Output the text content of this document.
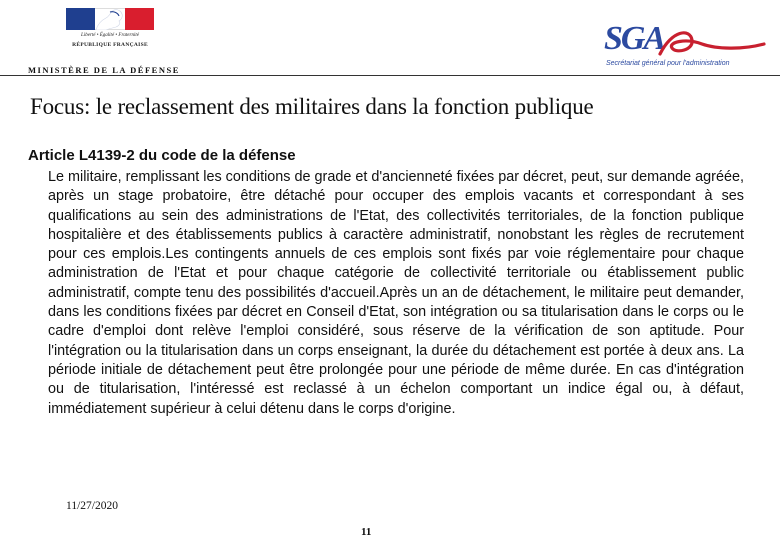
Liberté • Égalité • Fraternité
RÉPUBLIQUE FRANÇAISE
MINISTÈRE DE LA DÉFENSE
SGA
Secrétariat général pour l'administration
Focus: le reclassement des militaires dans la fonction publique
Article L4139-2 du code de la défense

Le militaire, remplissant les conditions de grade et d'ancienneté fixées par décret, peut, sur demande agréée, après un stage probatoire, être détaché pour occuper des emplois vacants et correspondant à ses qualifications au sein des administrations de l'Etat, des collectivités territoriales, de la fonction publique hospitalière et des établissements publics à caractère administratif, nonobstant les règles de recrutement pour ces emplois.Les contingents annuels de ces emplois sont fixés par voie réglementaire pour chaque administration de l'Etat et pour chaque catégorie de collectivité territoriale ou établissement public administratif, compte tenu des possibilités d'accueil.Après un an de détachement, le militaire peut demander, dans les conditions fixées par décret en Conseil d'Etat, son intégration ou sa titularisation dans le corps ou le cadre d'emploi dont relève l'emploi considéré, sous réserve de la vérification de son aptitude. Pour l'intégration ou la titularisation dans un corps enseignant, la durée du détachement est portée à deux ans. La période initiale de détachement peut être prolongée pour une période de même durée. En cas d'intégration ou de titularisation, l'intéressé est reclassé à un échelon comportant un indice égal ou, à défaut, immédiatement supérieur à celui détenu dans le corps d'origine.

11/27/2020
11
